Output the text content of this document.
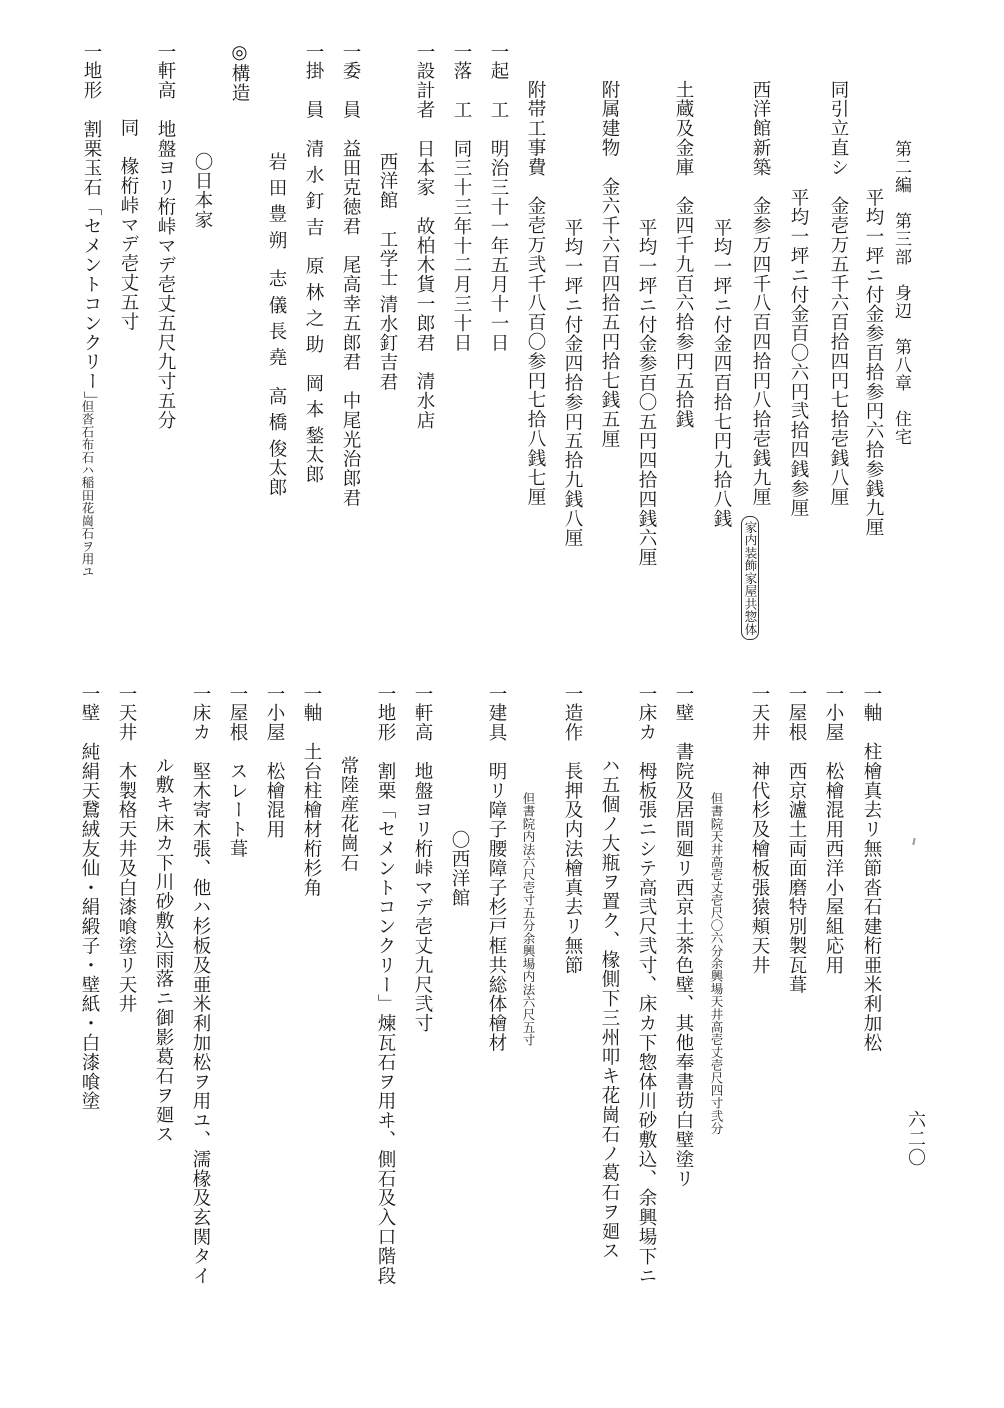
第二編　第三部　身辺　第八章　住宅
六二〇
平均一坪ニ付金参百拾参円六拾参銭九厘
同引立直シ　金壱万五千六百拾四円七拾壱銭八厘
平均一坪ニ付金百〇六円弐拾四銭参厘
西洋館新築　金参万四千八百四拾円八拾壱銭九厘
家内装飾家屋共惣体
平均一坪ニ付金四百拾七円九拾八銭
土蔵及金庫　金四千九百六拾参円五拾銭
平均一坪ニ付金参百〇五円四拾四銭六厘
附属建物　金六千六百四拾五円拾七銭五厘
平均一坪ニ付金四拾参円五拾九銭八厘
附帯工事費　金壱万弐千八百〇参円七拾八銭七厘
一起　工　明治三十一年五月十一日
一落　工　同三十三年十二月三十日
一設計者　日本家　故柏木貨一郎君　清水店
西洋館　工学士 清水釘吉君
一委　員　益田克徳君　尾高幸五郎君　中尾光治郎君
一掛　員　清 水 釘 吉　原 林 之 助　岡 本 鍫太郎
岩 田 豊 朔　志 儀 長 堯　高 橋 俊太郎
◎構造
〇日本家
一軒高　地盤ヨリ桁峠マデ壱丈五尺九寸五分
同　椽桁峠マデ壱丈五寸
一地形　割栗玉石「セメントコンクリー」
但沓石布石ハ稲田花崗石ヲ用ユ
一軸　柱檜真去リ無節沓石建桁亜米利加松
一小屋　松檜混用西洋小屋組応用
一屋根　西京瀘土両面磨特別製瓦葺
一天井　神代杉及檜板張猿頬天井
但書院天井高壱丈壱尺〇六分余興場天井高壱丈壱尺四寸弐分
一壁　書院及居間廻リ西京土茶色壁、其他奉書苆白壁塗リ
一床カ　栂板張ニシテ高弐尺弐寸、床カ下惣体川砂敷込、余興場下ニ
ハ五個ノ大瓶ヲ置ク、椽側下三州叩キ花崗石ノ葛石ヲ廻ス
一造作　長押及内法檜真去リ無節
但書院内法六尺壱寸五分余興場内法六尺五寸
一建具　明リ障子腰障子杉戸框共総体檜材
〇西洋館
一軒高　地盤ヨリ桁峠マデ壱丈九尺弐寸
一地形　割栗「セメントコンクリー」煉瓦石ヲ用ヰ、側石及入口階段
常陸産花崗石
一軸　土台柱檜材桁杉角
一小屋　松檜混用
一屋根　スレート葺
一床カ　堅木寄木張、他ハ杉板及亜米利加松ヲ用ユ、濡椽及玄関タイ
ル敷キ床カ下川砂敷込雨落ニ御影葛石ヲ廻ス
一天井　木製格天井及白漆喰塗リ天井
一壁　純絹天鵞絨友仙・絹緞子・壁紙・白漆喰塗
